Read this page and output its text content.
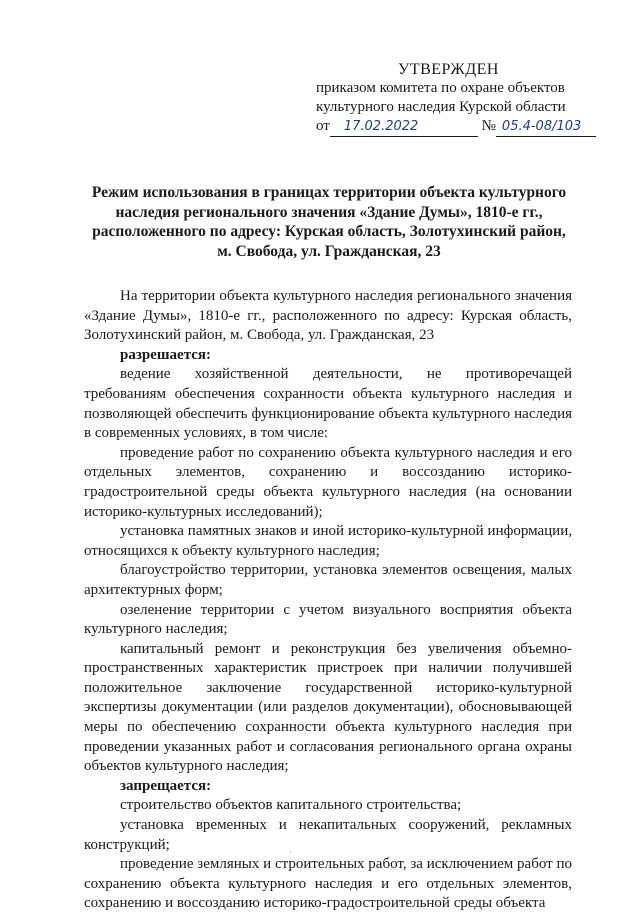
УТВЕРЖДЕН
приказом комитета по охране объектов
культурного наследия Курской области
от 17.02.2022	№ 05.4-08/103
Режим использования в границах территории объекта культурного
наследия регионального значения «Здание Думы», 1810-е гг.,
расположенного по адресу: Курская область, Золотухинский район,
м. Свобода, ул. Гражданская, 23

На территории объекта культурного наследия регионального значения «Здание Думы», 1810-е гг., расположенного по адресу: Курская область, Золотухинский район, м. Свобода, ул. Гражданская, 23

разрешается:

ведение хозяйственной деятельности, не противоречащей требованиям обеспечения сохранности объекта культурного наследия и позволяющей обеспечить функционирование объекта культурного наследия в современных условиях, в том числе:

проведение работ по сохранению объекта культурного наследия и его отдельных элементов, сохранению и воссозданию историко-градостроительной среды объекта культурного наследия (на основании историко-культурных исследований);

установка памятных знаков и иной историко-культурной информации, относящихся к объекту культурного наследия;

благоустройство территории, установка элементов освещения, малых архитектурных форм;

озеленение территории с учетом визуального восприятия объекта культурного наследия;

капитальный ремонт и реконструкция без увеличения объемно-пространственных характеристик пристроек при наличии получившей положительное заключение государственной историко-культурной экспертизы документации (или разделов документации), обосновывающей меры по обеспечению сохранности объекта культурного наследия при проведении указанных работ и согласования регионального органа охраны объектов культурного наследия;

запрещается:

строительство объектов капитального строительства;

установка временных и некапитальных сооружений, рекламных конструкций;

проведение земляных и строительных работ, за исключением работ по сохранению объекта культурного наследия и его отдельных элементов, сохранению и воссозданию историко-градостроительной среды объекта
